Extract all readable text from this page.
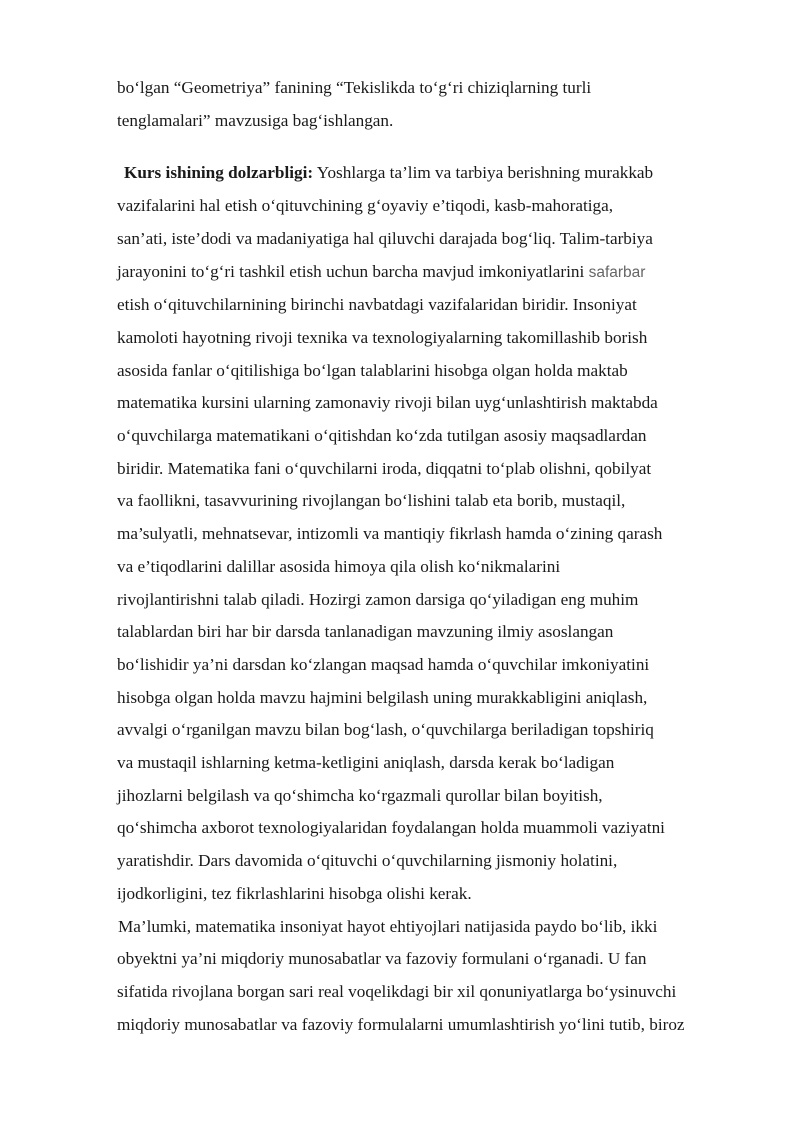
bo‘lgan “Geometriya” fanining “Tekislikda to‘g‘ri chiziqlarning turli
tenglamalari” mavzusiga bag‘ishlangan.
Kurs ishining dolzarbligi: Yoshlarga ta’lim va tarbiya berishning murakkab
vazifalarini hal etish o‘qituvchining g‘oyaviy e’tiqodi, kasb-mahoratiga,
san’ati, iste’dodi va madaniyatiga hal qiluvchi darajada bog‘liq. Talim-tarbiya
jarayonini to‘g‘ri tashkil etish uchun barcha mavjud imkoniyatlarini safarbar
etish o‘qituvchilarnining birinchi navbatdagi vazifalaridan biridir. Insoniyat
kamoloti hayotning rivoji texnika va texnologiyalarning takomillashib borish
asosida fanlar o‘qitilishiga bo‘lgan talablarini hisobga olgan holda maktab
matematika kursini ularning zamonaviy rivoji bilan uyg‘unlashtirish maktabda
o‘quvchilarga matematikani o‘qitishdan ko‘zda tutilgan asosiy maqsadlardan
biridir. Matematika fani o‘quvchilarni iroda, diqqatni to‘plab olishni, qobilyat
va faollikni, tasavvurining rivojlangan bo‘lishini talab eta borib, mustaqil,
ma’sulyatli, mehnatsevar, intizomli va mantiqiy fikrlash hamda o‘zining qarash
va e’tiqodlarini dalillar asosida himoya qila olish ko‘nikmalarini
rivojlantirishni talab qiladi. Hozirgi zamon darsiga qo‘yiladigan eng muhim
talablardan biri har bir darsda tanlanadigan mavzuning ilmiy asoslangan
bo‘lishidir ya’ni darsdan ko‘zlangan maqsad hamda o‘quvchilar imkoniyatini
hisobga olgan holda mavzu hajmini belgilash uning murakkabligini aniqlash,
avvalgi o‘rganilgan mavzu bilan bog‘lash, o‘quvchilarga beriladigan topshiriq
va mustaqil ishlarning ketma-ketligini aniqlash, darsda kerak bo‘ladigan
jihozlarni belgilash va qo‘shimcha ko‘rgazmali qurollar bilan boyitish,
qo‘shimcha axborot texnologiyalaridan foydalangan holda muammoli vaziyatni
yaratishdir. Dars davomida o‘qituvchi o‘quvchilarning jismoniy holatini,
ijodkorligini, tez fikrlashlarini hisobga olishi kerak.
Ma’lumki, matematika insoniyat hayot ehtiyojlari natijasida paydo bo‘lib, ikki
obyektni ya’ni miqdoriy munosabatlar va fazoviy formulani o‘rganadi. U fan
sifatida rivojlana borgan sari real voqelikdagi bir xil qonuniyatlarga bo‘ysinuvchi
miqdoriy munosabatlar va fazoviy formulalarni umumlashtirish yo‘lini tutib, biroz
